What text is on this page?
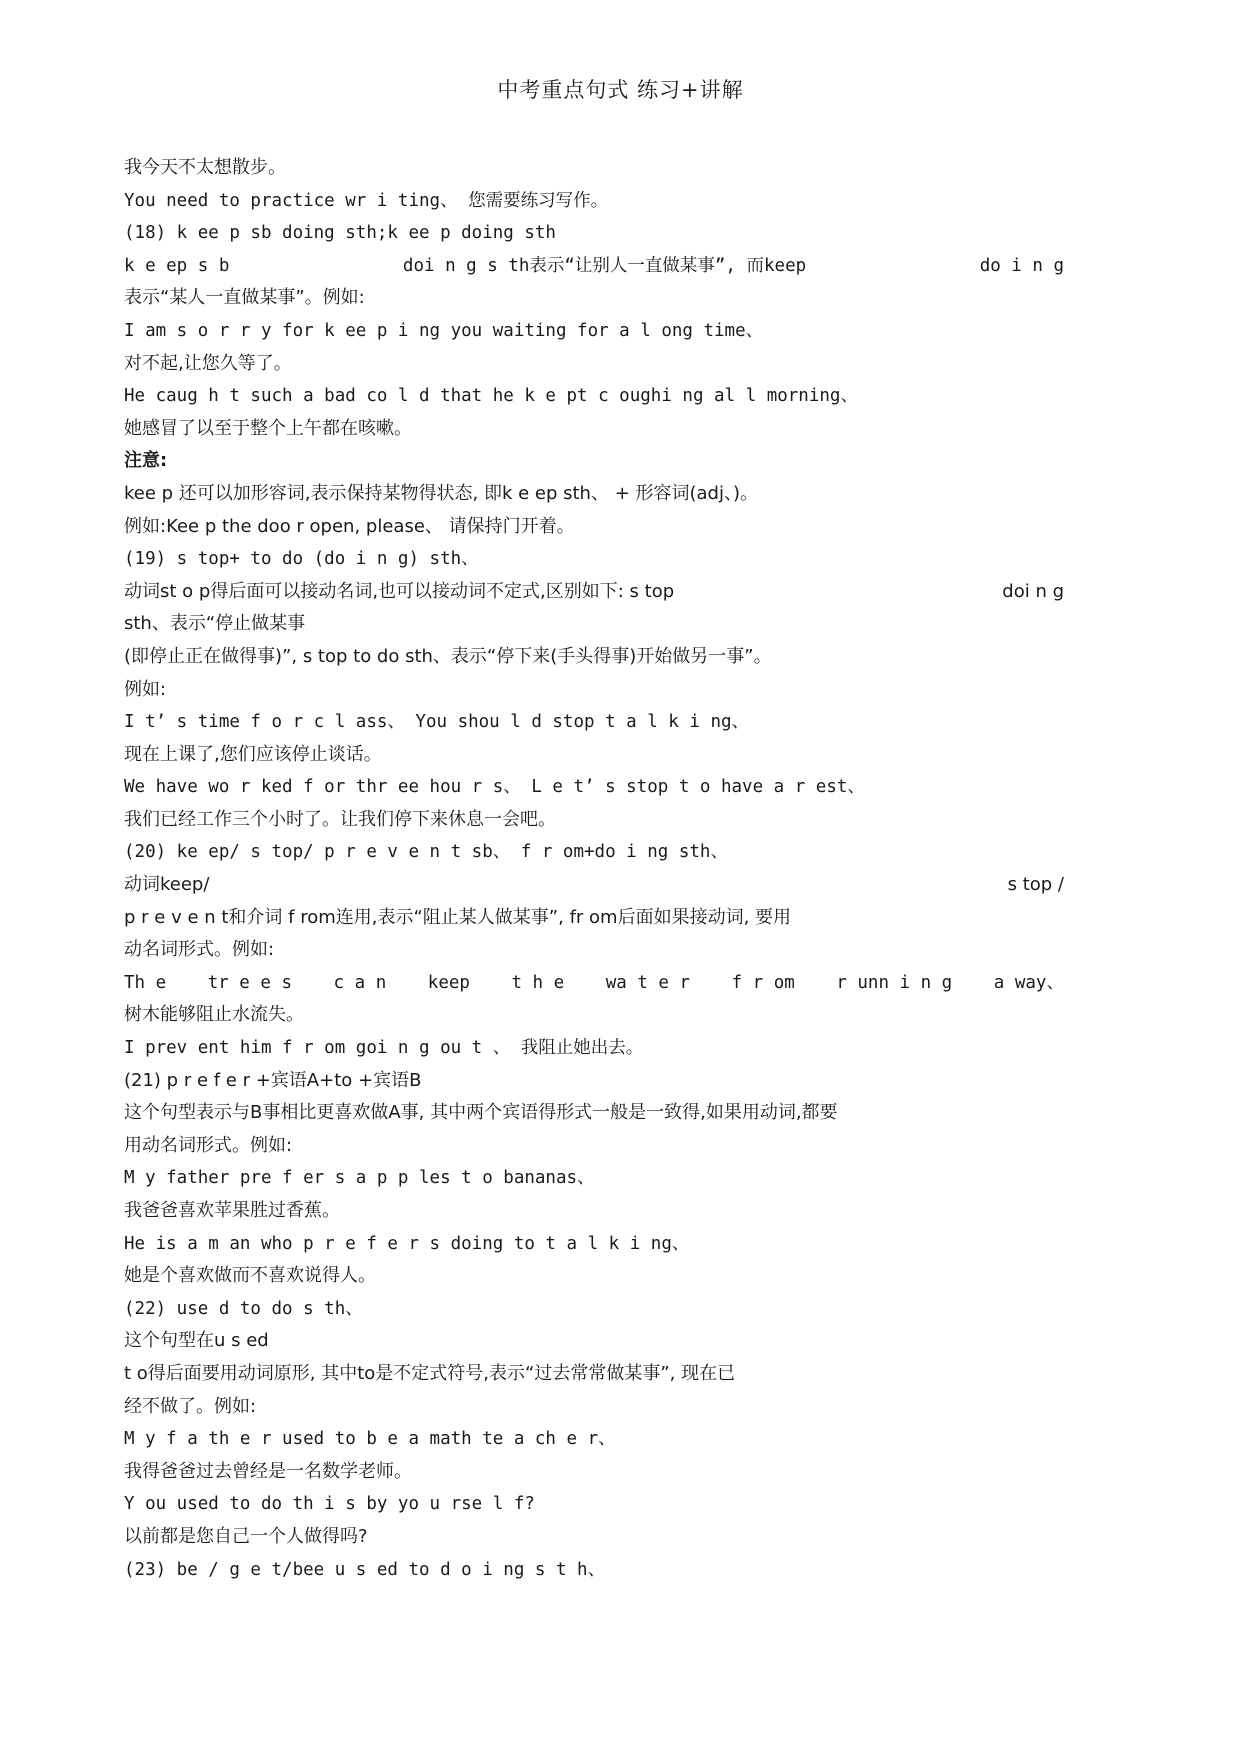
中考重点句式 练习+讲解
我今天不太想散步。
You need to practice wr i ting、 您需要练习写作。
(18) k ee p sb doing sth;k ee p doing sth
k e ep s b	doi n g s th表示“让别人一直做某事”, 而keep	do i n g
表示“某人一直做某事”。例如:
I am s o r r y for k ee p i ng you waiting for a l ong time、
对不起,让您久等了。
He caug h t such a bad co l d that he k e pt c oughi ng al l morning、
她感冒了以至于整个上午都在咳嗽。
注意:
kee p 还可以加形容词,表示保持某物得状态, 即k e ep sth、 + 形容词(adj、)。
例如:Kee p the doo r open, please、 请保持门开着。
(19) s top+ to do (do i n g) sth、
动词st o p得后面可以接动名词,也可以接动词不定式,区别如下: s top	doi n g
sth、表示“停止做某事
(即停止正在做得事)”, s top to do sth、表示“停下来(手头得事)开始做另一事”。
例如:
I t’ s time f o r c l ass、 You shou l d stop t a l k i ng、
现在上课了,您们应该停止谈话。
We have wo r ked f or thr ee hou r s、 L e t’ s stop t o have a r est、
我们已经工作三个小时了。让我们停下来休息一会吧。
(20) ke ep/ s top/ p r e v e n t sb、 f r om+do i ng sth、
动词keep/	s top /
p r e v e n t和介词 f rom连用,表示“阻止某人做某事”, fr om后面如果接动词, 要用
动名词形式。例如:
Th e tr e e s c a n keep t h e wa t e r f r om r unn i n g a way、
树木能够阻止水流失。
I prev ent him f r om goi n g ou t 、 我阻止她出去。
(21) p r e f e r +宾语A+to +宾语B
这个句型表示与B事相比更喜欢做A事, 其中两个宾语得形式一般是一致得,如果用动词,都要
用动名词形式。例如:
M y father pre f er s a p p les t o bananas、
我爸爸喜欢苹果胜过香蕉。
He is a m an who p r e f e r s doing to t a l k i ng、
她是个喜欢做而不喜欢说得人。
(22) use d to do s th、
这个句型在u s ed
t o得后面要用动词原形, 其中to是不定式符号,表示“过去常常做某事”, 现在已
经不做了。例如:
M y f a th e r used to b e a math te a ch e r、
我得爸爸过去曾经是一名数学老师。
Y ou used to do th i s by yo u rse l f?
以前都是您自己一个人做得吗?
(23) be / g e t/bee u s ed to d o i ng s t h、
